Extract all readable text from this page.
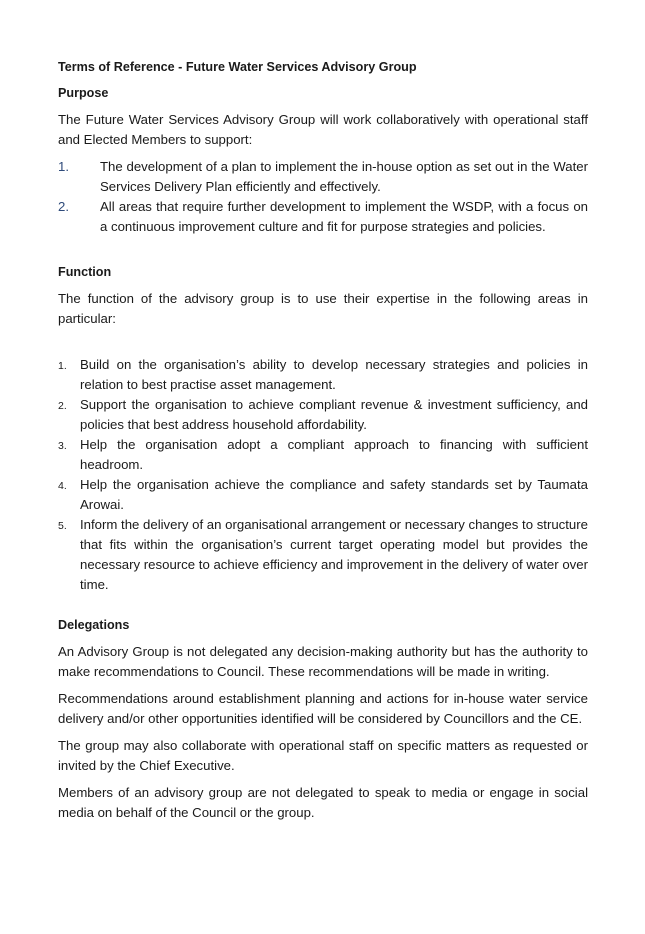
Terms of Reference - Future Water Services Advisory Group
Purpose

The Future Water Services Advisory Group will work collaboratively with operational staff and Elected Members to support:

1.	The development of a plan to implement the in-house option as set out in the Water Services Delivery Plan efficiently and effectively.
2.	All areas that require further development to implement the WSDP, with a focus on a continuous improvement culture and fit for purpose strategies and policies.
Function

The function of the advisory group is to use their expertise in the following areas in particular:

1.	Build on the organisation’s ability to develop necessary strategies and policies in relation to best practise asset management.
2.	Support the organisation to achieve compliant revenue & investment sufficiency, and policies that best address household affordability.
3.	Help the organisation adopt a compliant approach to financing with sufficient headroom.
4.	Help the organisation achieve the compliance and safety standards set by Taumata Arowai.
5.	Inform the delivery of an organisational arrangement or necessary changes to structure that fits within the organisation’s current target operating model but provides the necessary resource to achieve efficiency and improvement in the delivery of water over time.
Delegations

An Advisory Group is not delegated any decision-making authority but has the authority to make recommendations to Council. These recommendations will be made in writing.

Recommendations around establishment planning and actions for in-house water service delivery and/or other opportunities identified will be considered by Councillors and the CE.

The group may also collaborate with operational staff on specific matters as requested or invited by the Chief Executive.

Members of an advisory group are not delegated to speak to media or engage in social media on behalf of the Council or the group.
